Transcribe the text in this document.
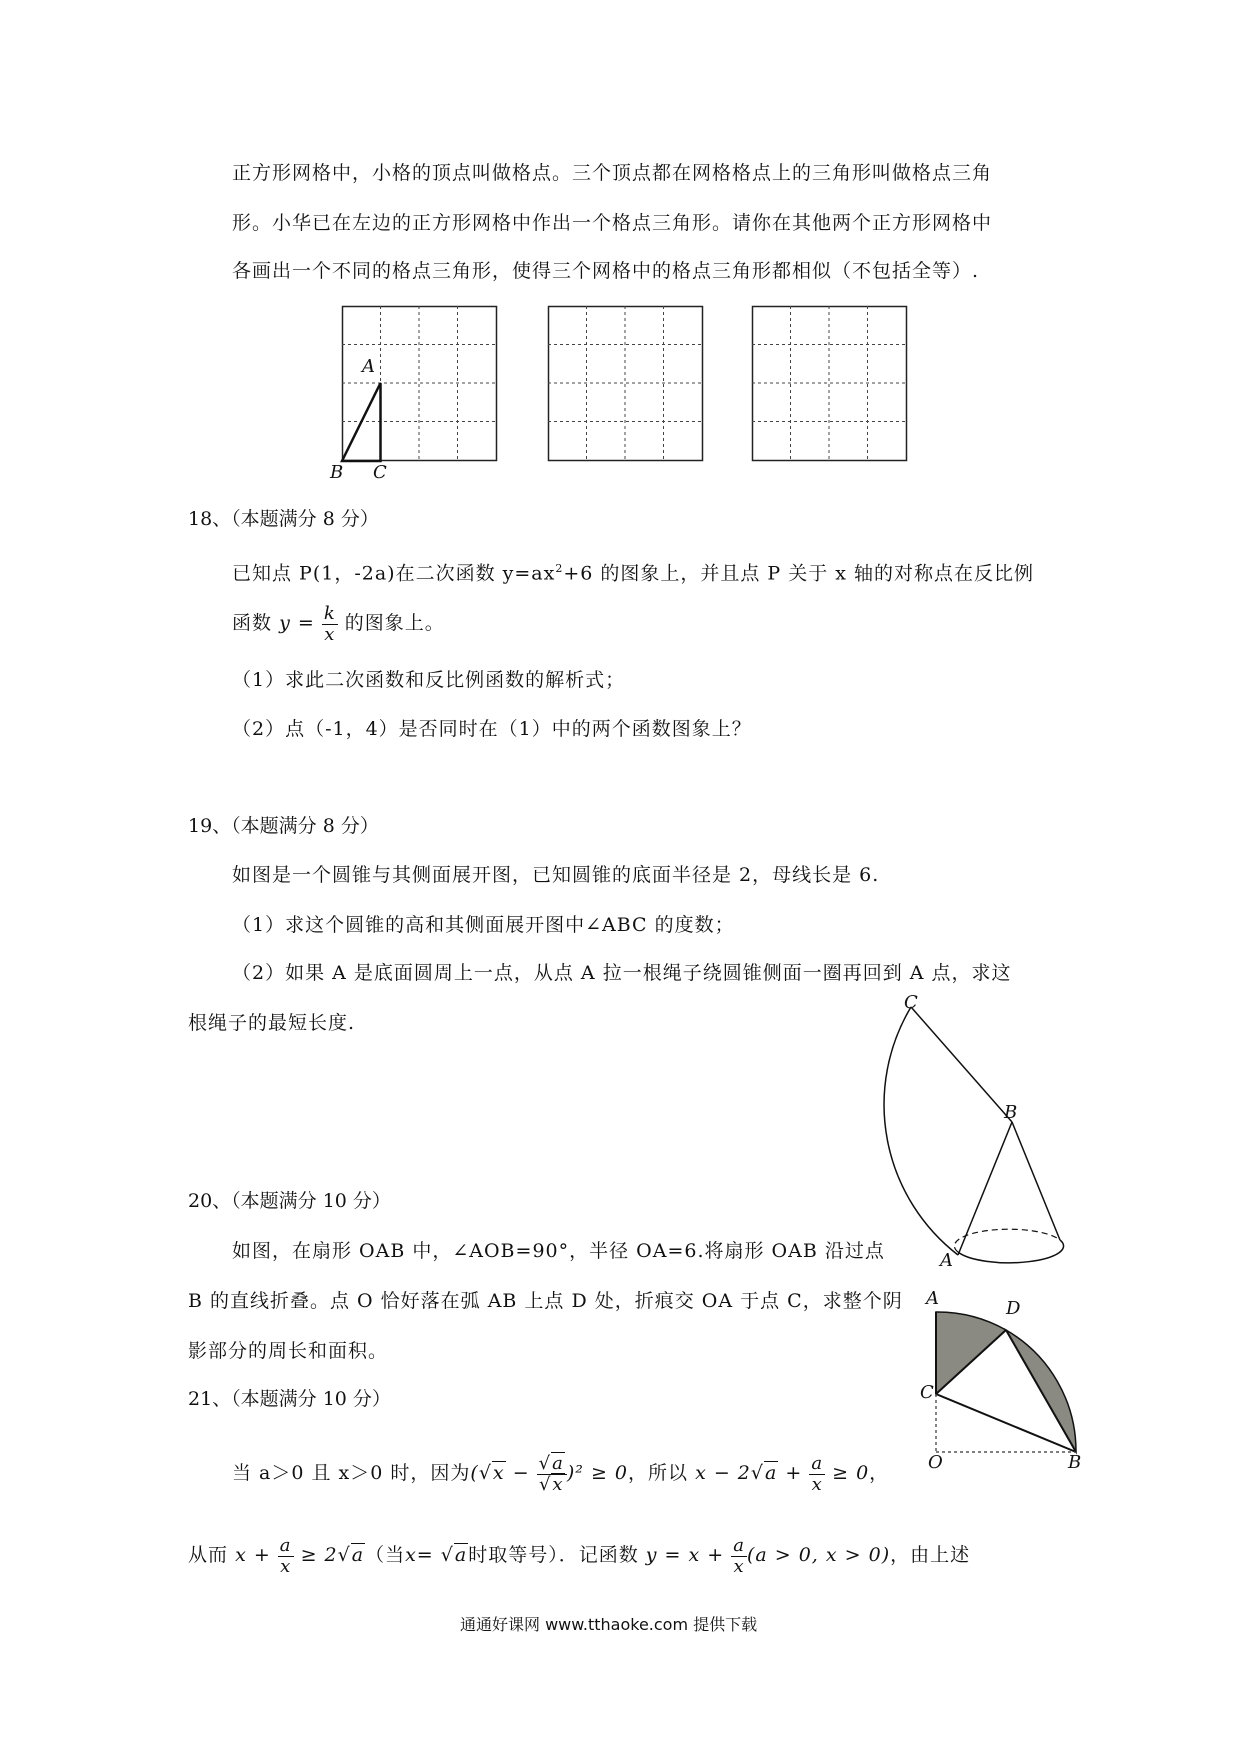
正方形网格中，小格的顶点叫做格点。三个顶点都在网格格点上的三角形叫做格点三角
形。小华已在左边的正方形网格中作出一个格点三角形。请你在其他两个正方形网格中
各画出一个不同的格点三角形，使得三个网格中的格点三角形都相似（不包括全等）.
A
B C
18、（本题满分 8 分）
已知点 P(1，-2a)在二次函数 $y=ax^2+6$ 的图象上，并且点 P 关于 x 轴的对称点在反比例
函数 $y = \frac{k}{x}$ 的图象上。
（1）求此二次函数和反比例函数的解析式；
（2）点（-1，4）是否同时在（1）中的两个函数图象上？
19、（本题满分 8 分）
如图是一个圆锥与其侧面展开图，已知圆锥的底面半径是 2，母线长是 6.
（1）求这个圆锥的高和其侧面展开图中∠ABC 的度数；
（2）如果 A 是底面圆周上一点，从点 A 拉一根绳子绕圆锥侧面一圈再回到 A 点，求这
根绳子的最短长度.
C
B
A
20、（本题满分 10 分）
如图，在扇形 OAB 中，∠AOB=90°，半径 OA=6.将扇形 OAB 沿过点
B 的直线折叠。点 O 恰好落在弧 AB 上点 D 处，折痕交 OA 于点 C，求整个阴
影部分的周长和面积。
A	D
C
O	B
21、（本题满分 10 分）
当 a＞0 且 x＞0 时，因为$(√x - \frac{√a}{√x} )^2 \ge 0$，所以 $x - 2√a + \frac{a}{x} \ge 0$，
从而 $x + \frac{a}{x} \ge 2√a$（当x= √a时取等号）．记函数 $y = x + \frac{a}{x} (a > 0$, x > 0)，由上述
通通好课网 www.tthaoke.com 提供下载
